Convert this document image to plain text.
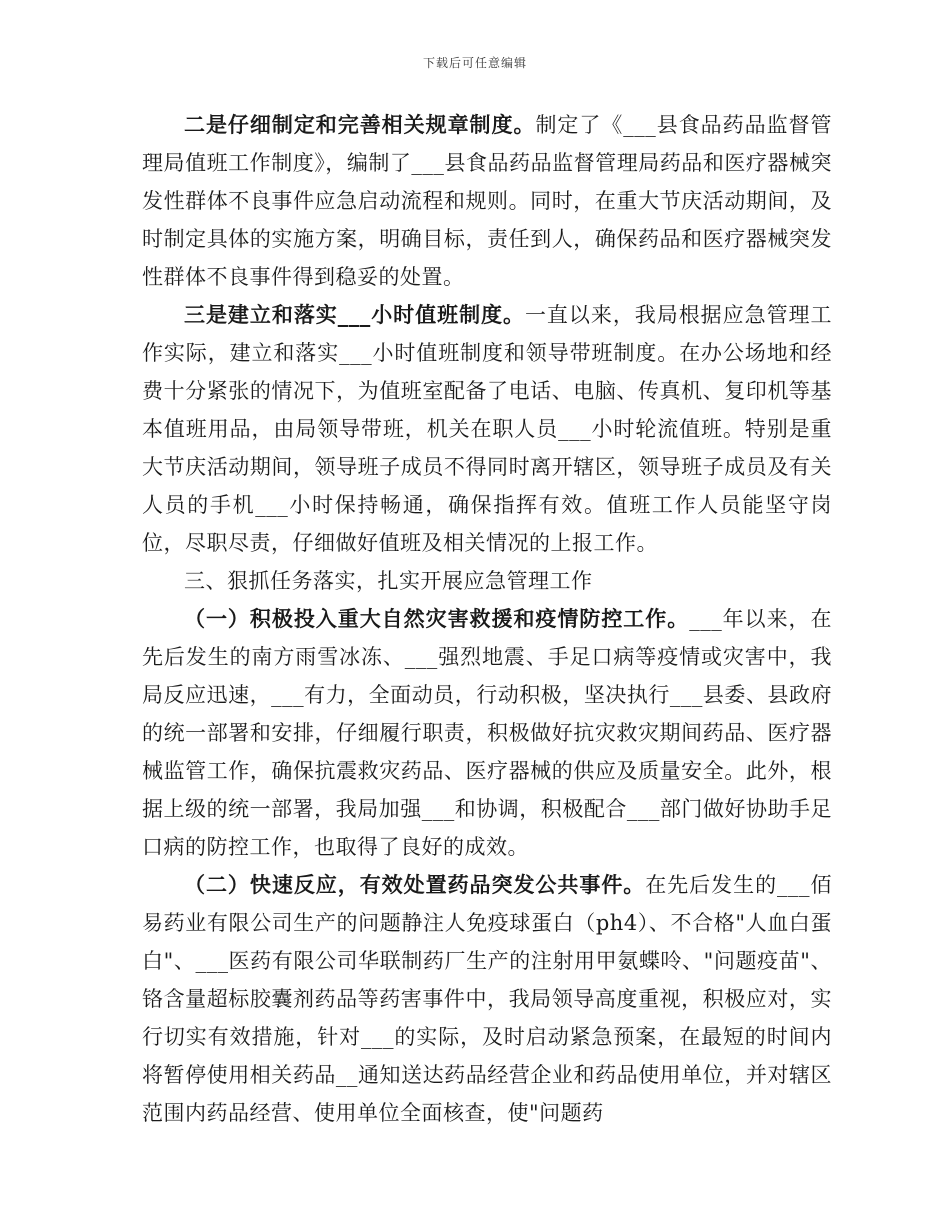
下载后可任意编辑

二是仔细制定和完善相关规章制度。制定了《___县食品药品监督管理局值班工作制度》，编制了___县食品药品监督管理局药品和医疗器械突发性群体不良事件应急启动流程和规则。同时，在重大节庆活动期间，及时制定具体的实施方案，明确目标，责任到人，确保药品和医疗器械突发性群体不良事件得到稳妥的处置。

三是建立和落实___小时值班制度。一直以来，我局根据应急管理工作实际，建立和落实___小时值班制度和领导带班制度。在办公场地和经费十分紧张的情况下，为值班室配备了电话、电脑、传真机、复印机等基本值班用品，由局领导带班，机关在职人员___小时轮流值班。特别是重大节庆活动期间，领导班子成员不得同时离开辖区，领导班子成员及有关人员的手机___小时保持畅通，确保指挥有效。值班工作人员能坚守岗位，尽职尽责，仔细做好值班及相关情况的上报工作。

三、狠抓任务落实，扎实开展应急管理工作

（一）积极投入重大自然灾害救援和疫情防控工作。___年以来，在先后发生的南方雨雪冰冻、___强烈地震、手足口病等疫情或灾害中，我局反应迅速，___有力，全面动员，行动积极，坚决执行___县委、县政府的统一部署和安排，仔细履行职责，积极做好抗灾救灾期间药品、医疗器械监管工作，确保抗震救灾药品、医疗器械的供应及质量安全。此外，根据上级的统一部署，我局加强___和协调，积极配合___部门做好协助手足口病的防控工作，也取得了良好的成效。

（二）快速反应，有效处置药品突发公共事件。在先后发生的___佰易药业有限公司生产的问题静注人免疫球蛋白（ph4）、不合格"人血白蛋白"、___医药有限公司华联制药厂生产的注射用甲氨蝶呤、"问题疫苗"、铬含量超标胶囊剂药品等药害事件中，我局领导高度重视，积极应对，实行切实有效措施，针对___的实际，及时启动紧急预案，在最短的时间内将暂停使用相关药品__通知送达药品经营企业和药品使用单位，并对辖区范围内药品经营、使用单位全面核查，使"问题药
